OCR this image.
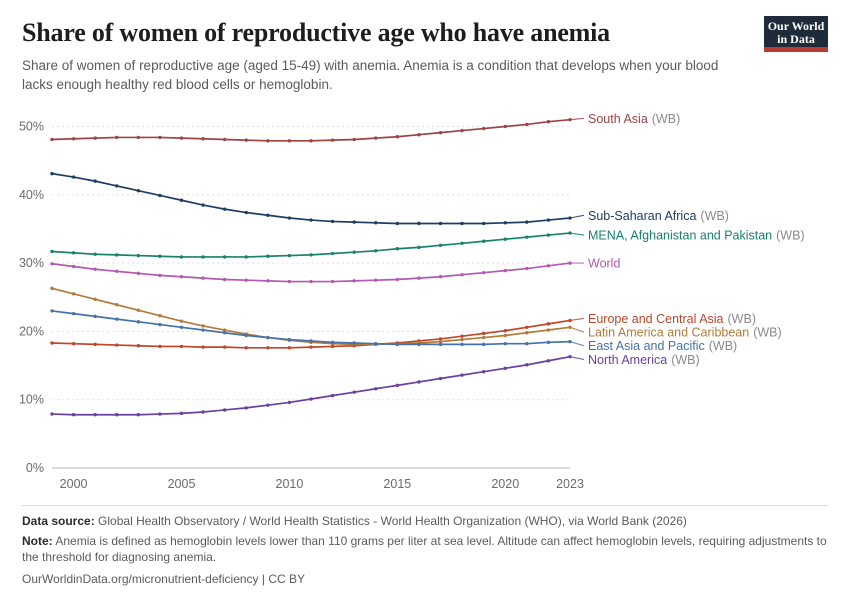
Share of women of reproductive age who have anemia

Share of women of reproductive age (aged 15-49) with anemia. Anemia is a condition that develops when your blood lacks enough healthy red blood cells or hemoglobin.

Our World
in Data
0%
10%
20%
30%
40%
50%
2000	2005	2010	2015	2020	2023
South Asia (WB)
Sub-Saharan Africa (WB)
MENA, Afghanistan and Pakistan (WB)
World
Europe and Central Asia (WB)
Latin America and Caribbean (WB)
East Asia and Pacific (WB)
North America (WB)
Data source: Global Health Observatory / World Health Statistics - World Health Organization (WHO), via World Bank (2026)
Note: Anemia is defined as hemoglobin levels lower than 110 grams per liter at sea level. Altitude can affect hemoglobin levels, requiring adjustments to the threshold for diagnosing anemia.
OurWorldinData.org/micronutrient-deficiency | CC BY
